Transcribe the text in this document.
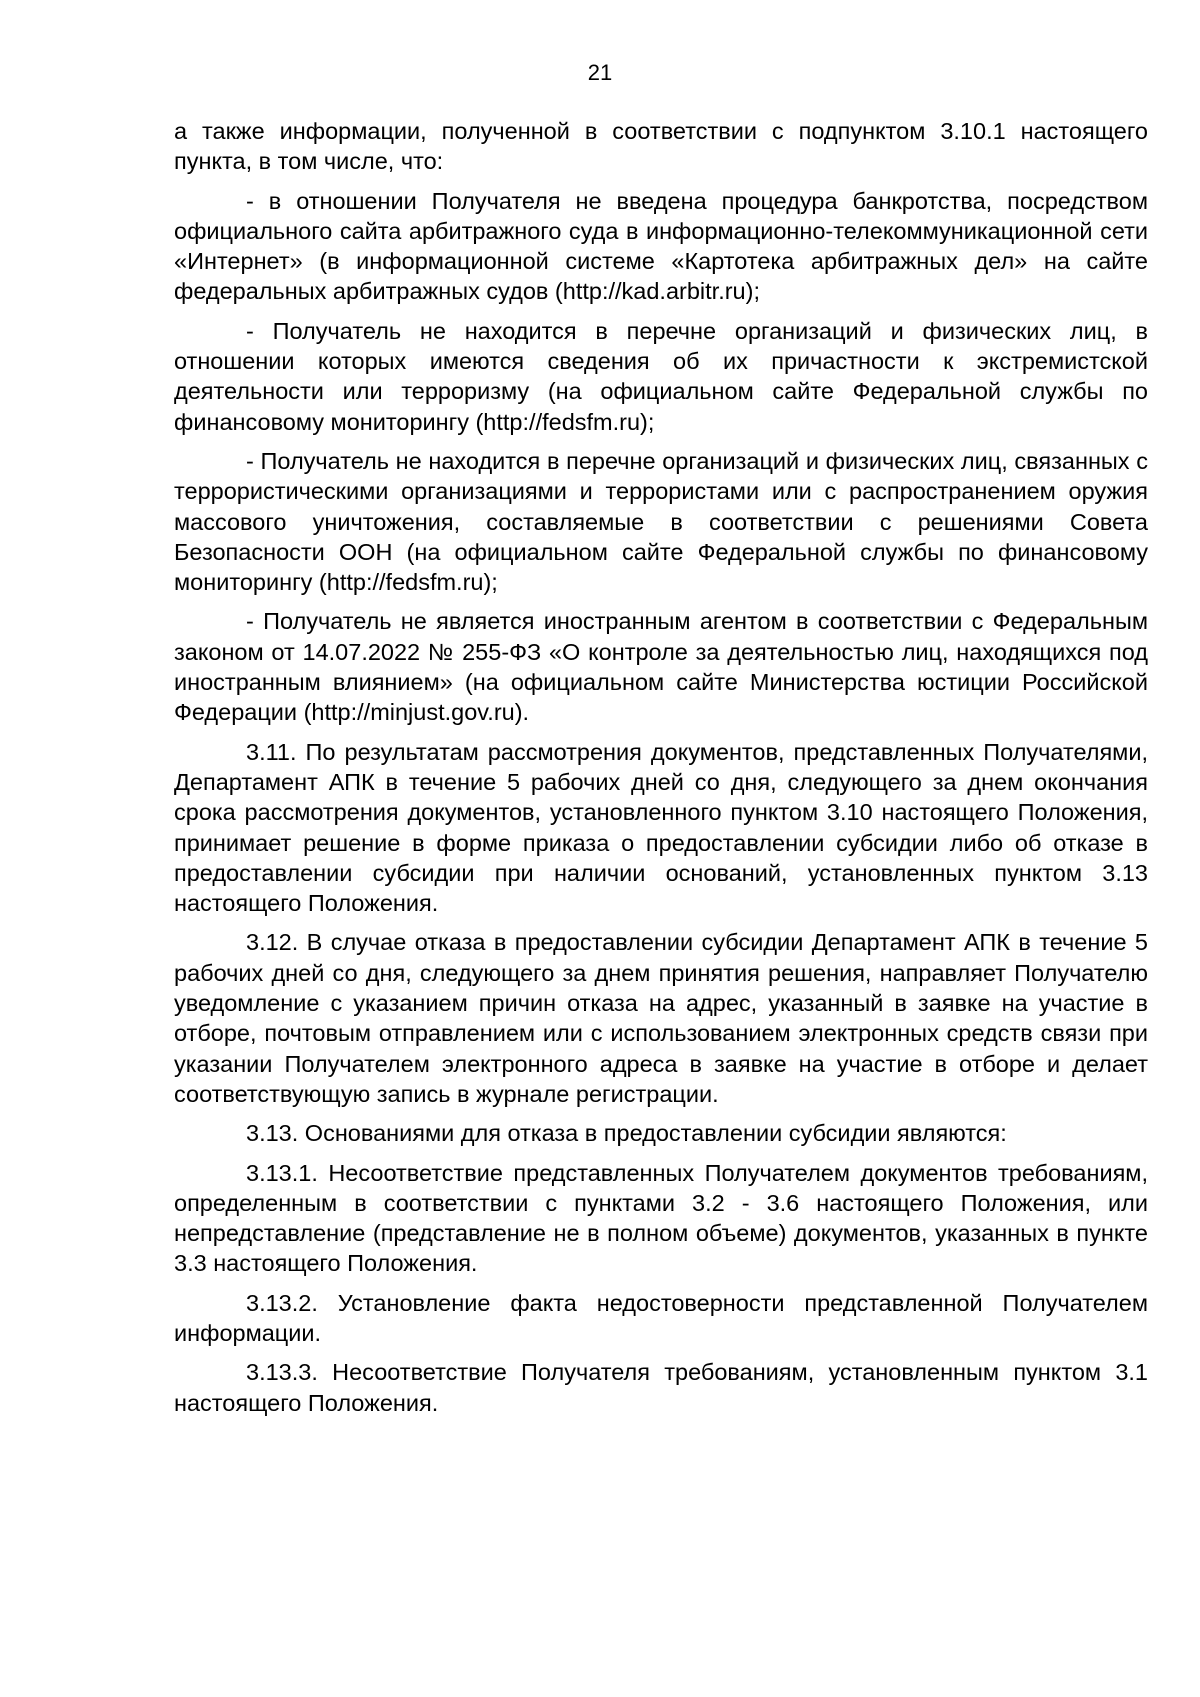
21

а также информации, полученной в соответствии с подпунктом 3.10.1 настоящего пункта, в том числе, что:

- в отношении Получателя не введена процедура банкротства, посредством официального сайта арбитражного суда в информационно-телекоммуникационной сети «Интернет» (в информационной системе «Картотека арбитражных дел» на сайте федеральных арбитражных судов (http://kad.arbitr.ru);

- Получатель не находится в перечне организаций и физических лиц, в отношении которых имеются сведения об их причастности к экстремистской деятельности или терроризму (на официальном сайте Федеральной службы по финансовому мониторингу (http://fedsfm.ru);

- Получатель не находится в перечне организаций и физических лиц, связанных с террористическими организациями и террористами или с распространением оружия массового уничтожения, составляемые в соответствии с решениями Совета Безопасности ООН (на официальном сайте Федеральной службы по финансовому мониторингу (http://fedsfm.ru);

- Получатель не является иностранным агентом в соответствии с Федеральным законом от 14.07.2022 № 255-ФЗ «О контроле за деятельностью лиц, находящихся под иностранным влиянием» (на официальном сайте Министерства юстиции Российской Федерации (http://minjust.gov.ru).

3.11. По результатам рассмотрения документов, представленных Получателями, Департамент АПК в течение 5 рабочих дней со дня, следующего за днем окончания срока рассмотрения документов, установленного пунктом 3.10 настоящего Положения, принимает решение в форме приказа о предоставлении субсидии либо об отказе в предоставлении субсидии при наличии оснований, установленных пунктом 3.13 настоящего Положения.

3.12. В случае отказа в предоставлении субсидии Департамент АПК в течение 5 рабочих дней со дня, следующего за днем принятия решения, направляет Получателю уведомление с указанием причин отказа на адрес, указанный в заявке на участие в отборе, почтовым отправлением или с использованием электронных средств связи при указании Получателем электронного адреса в заявке на участие в отборе и делает соответствующую запись в журнале регистрации.

3.13. Основаниями для отказа в предоставлении субсидии являются:

3.13.1. Несоответствие представленных Получателем документов требованиям, определенным в соответствии с пунктами 3.2 - 3.6 настоящего Положения, или непредставление (представление не в полном объеме) документов, указанных в пункте 3.3 настоящего Положения.

3.13.2. Установление факта недостоверности представленной Получателем информации.

3.13.3. Несоответствие Получателя требованиям, установленным пунктом 3.1 настоящего Положения.
